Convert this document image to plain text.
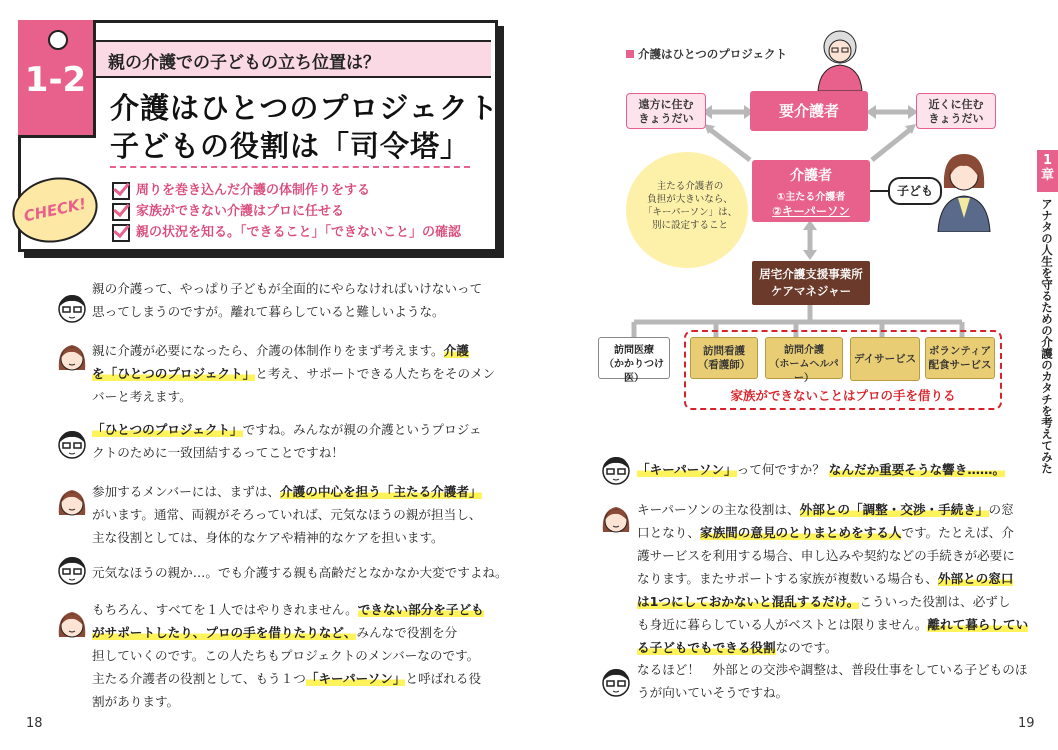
1-2	親の介護での子どもの立ち位置は？
介護はひとつのプロジェクト
子どもの役割は「司令塔」
CHECK!
周りを巻き込んだ介護の体制作りをする
家族ができない介護はプロに任せる
親の状況を知る。「できること」「できないこと」の確認
親の介護って、やっぱり子どもが全面的にやらなければいけないって
思ってしまうのですが。離れて暮らしていると難しいような。
親に介護が必要になったら、介護の体制作りをまず考えます。介護
を「ひとつのプロジェクト」と考え、サポートできる人たちをそのメン
バーと考えます。
「ひとつのプロジェクト」ですね。みんなが親の介護というプロジェ
クトのために一致団結するってことですね！
参加するメンバーには、まずは、介護の中心を担う「主たる介護者」
がいます。通常、両親がそろっていれば、元気なほうの親が担当し、
主な役割としては、身体的なケアや精神的なケアを担います。
元気なほうの親か…。でも介護する親も高齢だとなかなか大変ですよね。
もちろん、すべてを１人ではやりきれません。できない部分を子ども
がサポートしたり、プロの手を借りたりなど、みんなで役割を分
担していくのです。この人たちもプロジェクトのメンバーなのです。
主たる介護者の役割として、もう１つ「キーパーソン」と呼ばれる役
割があります。
18
介護はひとつのプロジェクト
要介護者
遠方に住む
きょうだい
近くに住む
きょうだい
主たる介護者の
負担が大きいなら、
「キーパーソン」は、
別に設定すること
介護者
①主たる介護者
②キーパーソン
子ども
居宅介護支援事業所
ケアマネジャー
訪問医療
（かかりつけ医）
訪問看護
（看護師）
訪問介護
（ホームヘルパー）
デイサービス
ボランティア
配食サービス
家族ができないことはプロの手を借りる
「キーパーソン」って何ですか？ なんだか重要そうな響き……。
キーパーソンの主な役割は、外部との「調整・交渉・手続き」の窓
口となり、家族間の意見のとりまとめをする人です。たとえば、介
護サービスを利用する場合、申し込みや契約などの手続きが必要に
なります。またサポートする家族が複数いる場合も、外部との窓口
は1つにしておかないと混乱するだけ。こういった役割は、必ずし
も身近に暮らしている人がベストとは限りません。離れて暮らしてい
る子どもでもできる役割なのです。
なるほど！　外部との交渉や調整は、普段仕事をしている子どものほ
うが向いていそうですね。
19
1
章
アナタの人生を守るための介護のカタチを考えてみた
